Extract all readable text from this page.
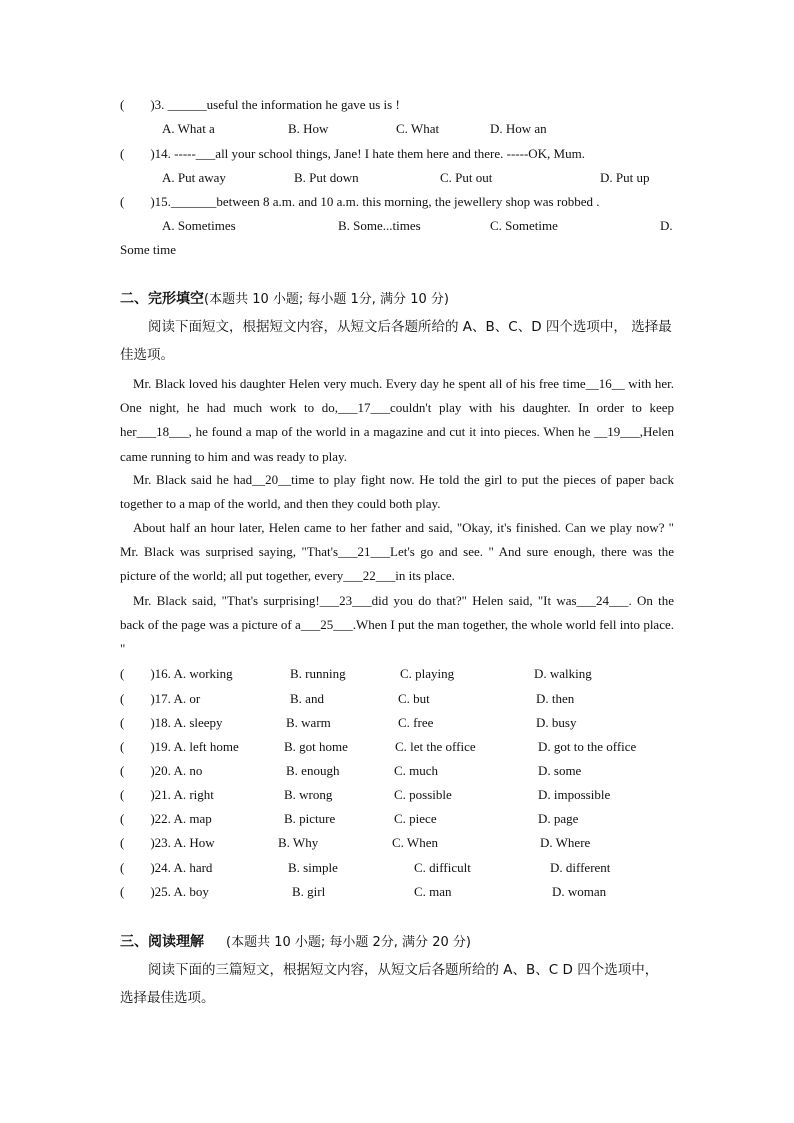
(　　)3. ______useful the information he gave us is !
A. What a	B. How	C. What	D. How an
(　　)14. -----___all your school things, Jane! I hate them here and there. -----OK, Mum.
A. Put away	B. Put down	C. Put out	D. Put up
(　　)15._______between 8 a.m. and 10 a.m. this morning, the jewellery shop was robbed .
A. Sometimes	B. Some...times	C. Sometime	D.
Some time
二、完形填空(本题共 10 小题; 每小题 1分, 满分 10 分)
阅读下面短文，根据短文内容，从短文后各题所给的 A、B、C、D 四个选项中， 选择最佳选项。
Mr. Black loved his daughter Helen very much. Every day he spent all of his free time__16__ with her. One night, he had much work to do,___17___couldn't play with his daughter. In order to keep her___18___, he found a map of the world in a magazine and cut it into pieces. When he __19___,Helen came running to him and was ready to play.
Mr. Black said he had__20__time to play fight now. He told the girl to put the pieces of paper back together to a map of the world, and then they could both play.
About half an hour later, Helen came to her father and said, "Okay, it's finished. Can we play now? " Mr. Black was surprised saying, "That's___21___Let's go and see. " And sure enough, there was the picture of the world; all put together, every___22___in its place.
Mr. Black said, "That's surprising!___23___did you do that?" Helen said, "It was___24___. On the back of the page was a picture of a___25___.When I put the man together, the whole world fell into place. "
(　　)16. A. working	B. running	C. playing	D. walking
(　　)17. A. or	B. and	C. but	D. then
(　　)18. A. sleepy	B. warm	C. free	D. busy
(　　)19. A. left home	B. got home	C. let the office	D. got to the office
(　　)20. A. no	B. enough	C. much	D. some
(　　)21. A. right	B. wrong	C. possible	D. impossible
(　　)22. A. map	B. picture	C. piece	D. page
(　　)23. A. How	B. Why	C. When	D. Where
(　　)24. A. hard	B. simple	C. difficult	D. different
(　　)25. A. boy	B. girl	C. man	D. woman
三、阅读理解 (本题共 10 小题; 每小题 2分, 满分 20 分)
阅读下面的三篇短文，根据短文内容，从短文后各题所给的 A、B、C D 四个选项中， 选择最佳选项。
